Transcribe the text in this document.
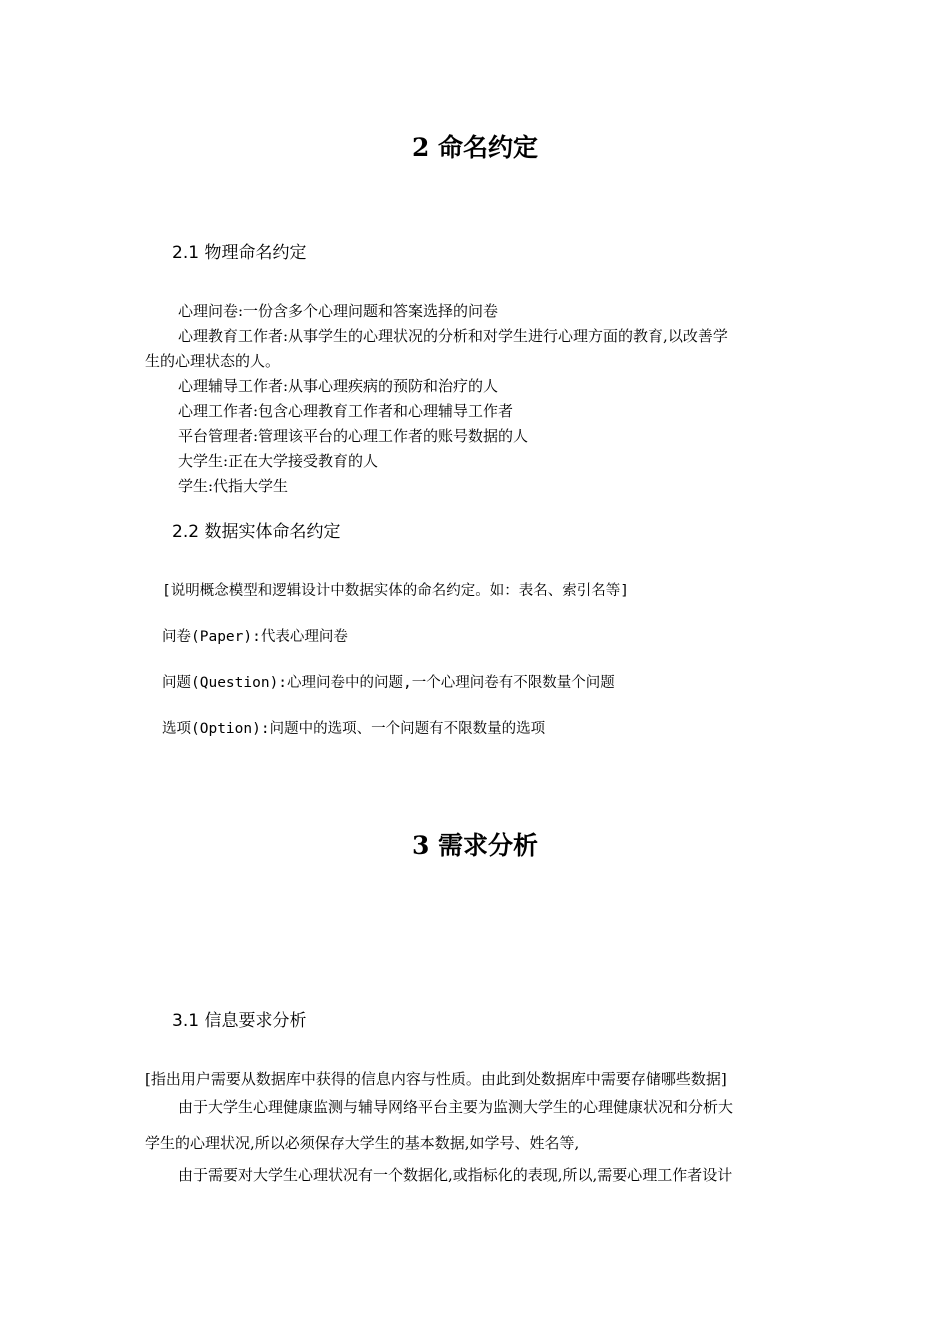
2 命名约定
2.1 物理命名约定
心理问卷:一份含多个心理问题和答案选择的问卷
心理教育工作者:从事学生的心理状况的分析和对学生进行心理方面的教育,以改善学
生的心理状态的人。
心理辅导工作者:从事心理疾病的预防和治疗的人
心理工作者:包含心理教育工作者和心理辅导工作者
平台管理者:管理该平台的心理工作者的账号数据的人
大学生:正在大学接受教育的人
学生:代指大学生
2.2 数据实体命名约定
[说明概念模型和逻辑设计中数据实体的命名约定。如：表名、索引名等]
问卷(Paper):代表心理问卷
问题(Question):心理问卷中的问题,一个心理问卷有不限数量个问题
选项(Option):问题中的选项、一个问题有不限数量的选项
3 需求分析
3.1 信息要求分析
[指出用户需要从数据库中获得的信息内容与性质。由此到处数据库中需要存储哪些数据]
由于大学生心理健康监测与辅导网络平台主要为监测大学生的心理健康状况和分析大
学生的心理状况,所以必须保存大学生的基本数据,如学号、姓名等,
由于需要对大学生心理状况有一个数据化,或指标化的表现,所以,需要心理工作者设计
